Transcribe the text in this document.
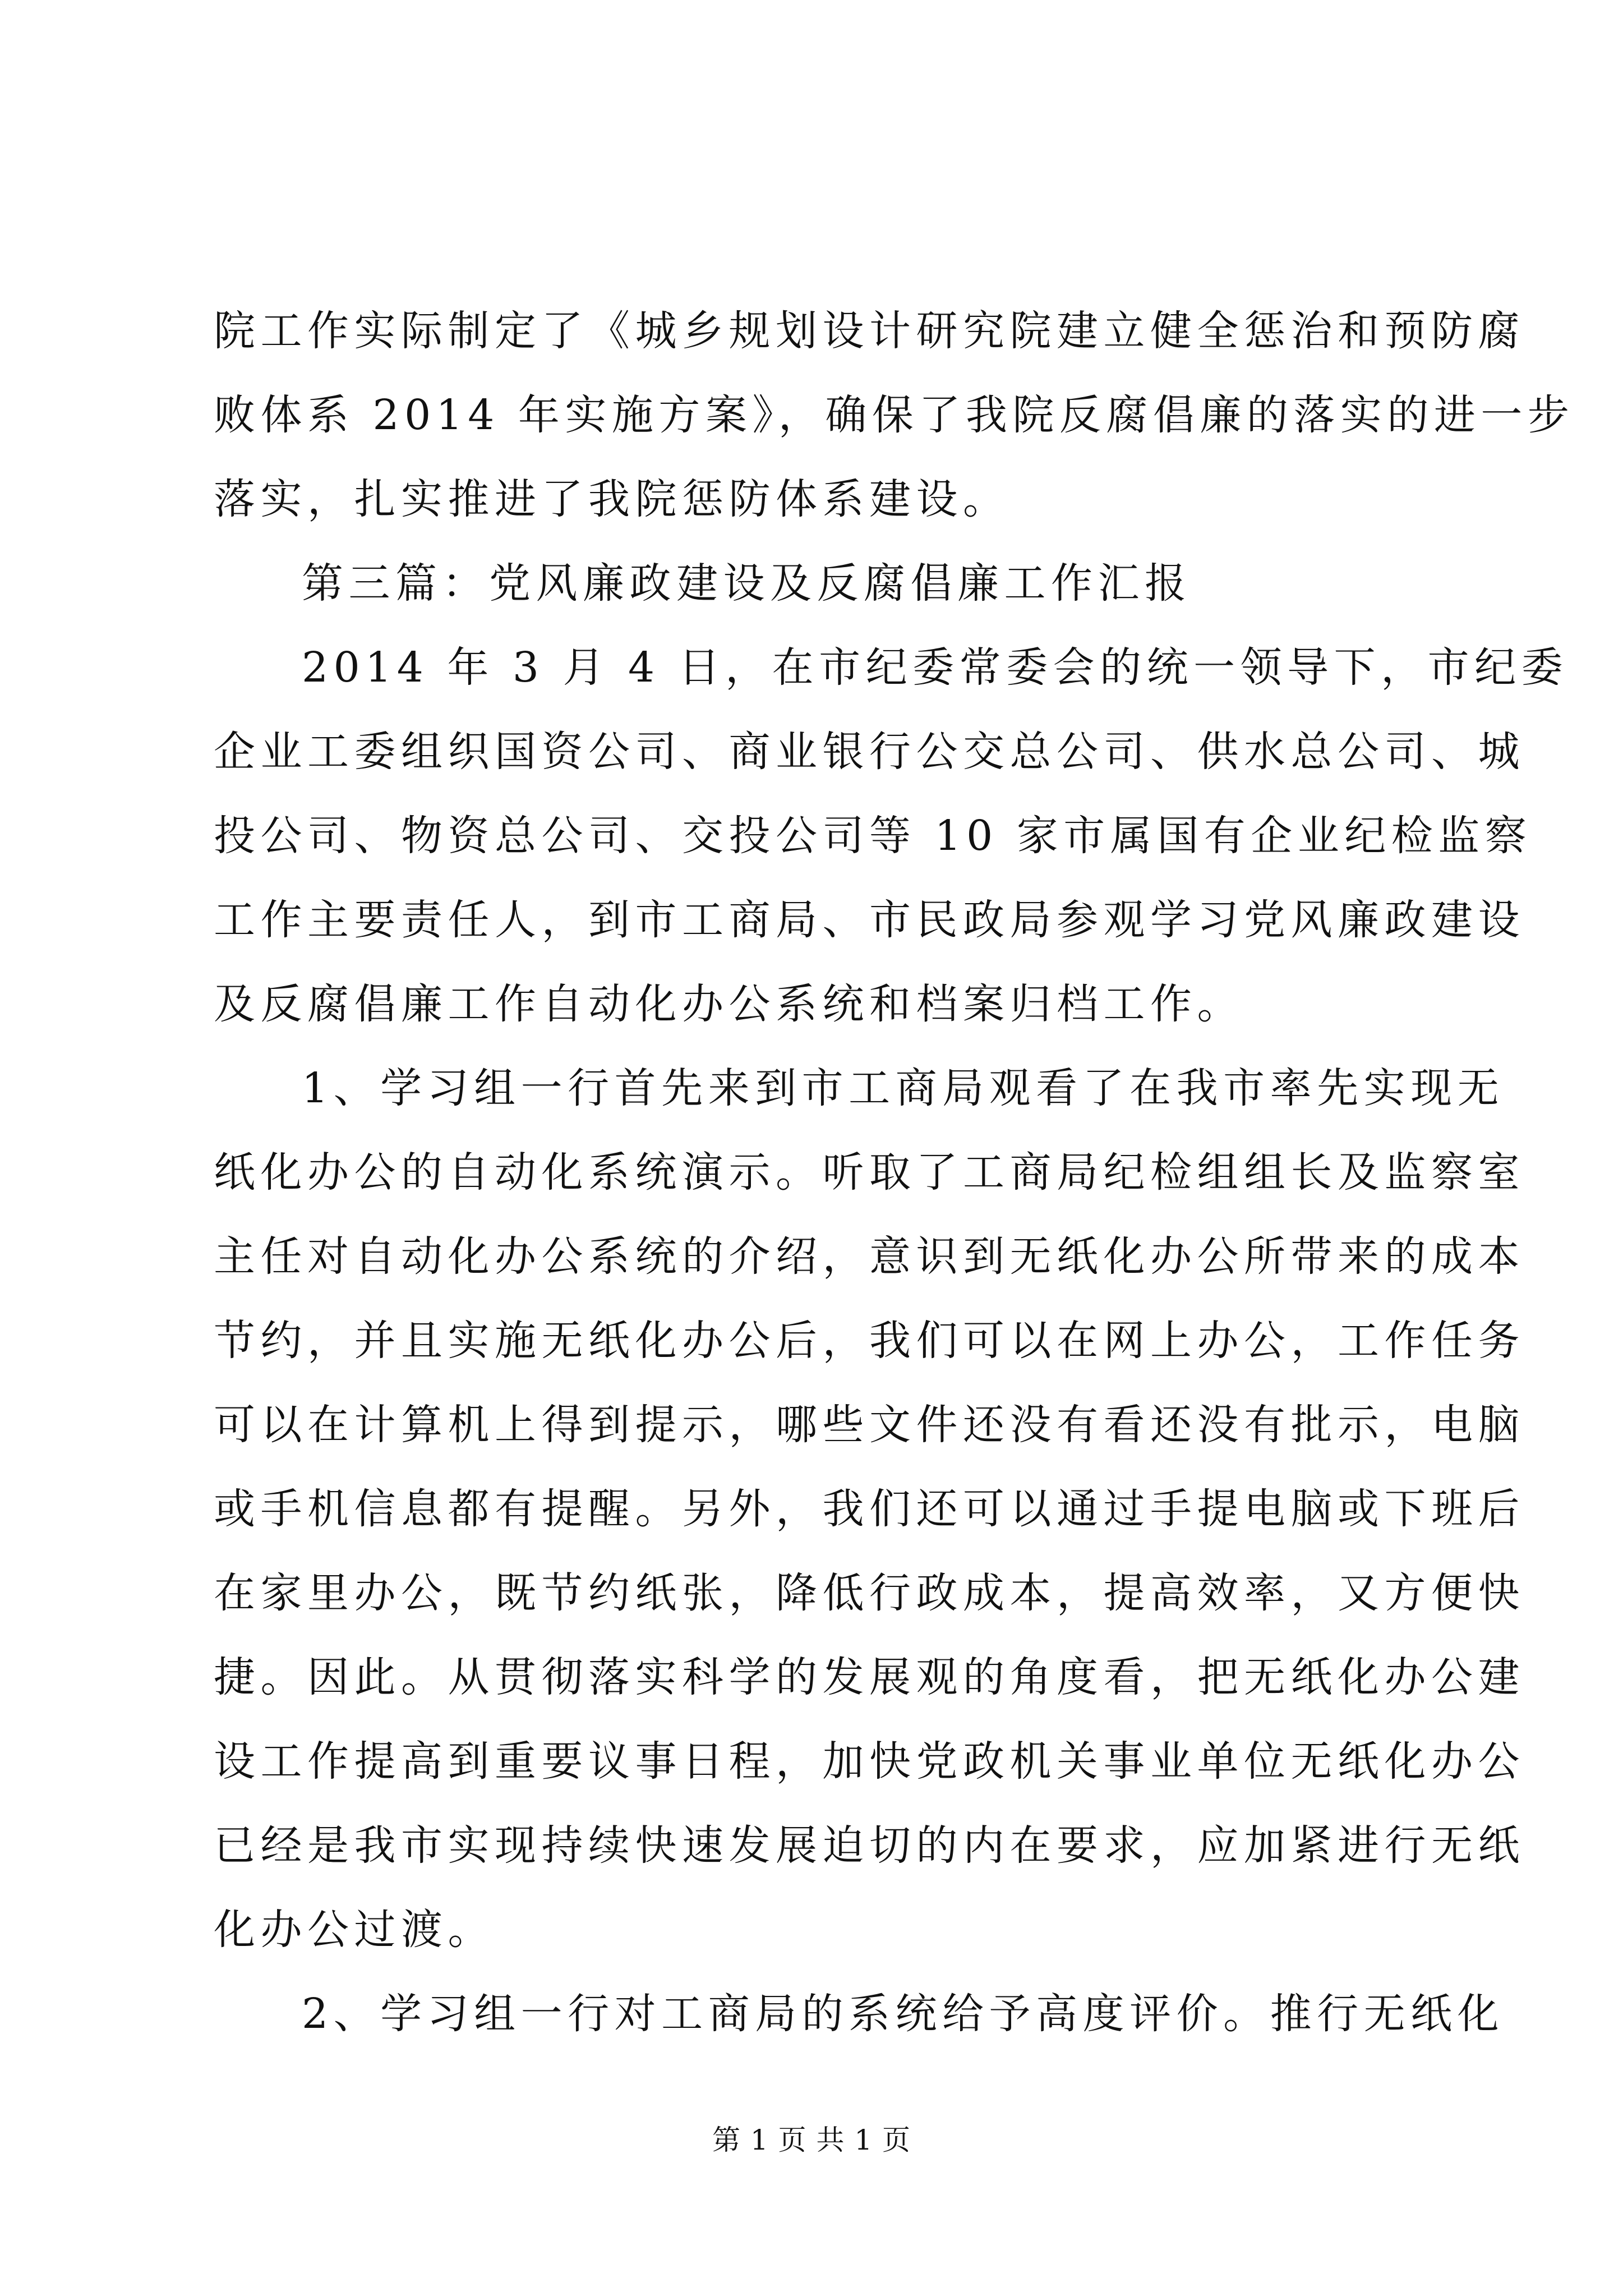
院工作实际制定了《城乡规划设计研究院建立健全惩治和预防腐
败体系 2014 年实施方案》，确保了我院反腐倡廉的落实的进一步
落实，扎实推进了我院惩防体系建设。
第三篇：党风廉政建设及反腐倡廉工作汇报
2014 年 3 月 4 日，在市纪委常委会的统一领导下，市纪委
企业工委组织国资公司、商业银行公交总公司、供水总公司、城
投公司、物资总公司、交投公司等 10 家市属国有企业纪检监察
工作主要责任人，到市工商局、市民政局参观学习党风廉政建设
及反腐倡廉工作自动化办公系统和档案归档工作。
1、学习组一行首先来到市工商局观看了在我市率先实现无
纸化办公的自动化系统演示。听取了工商局纪检组组长及监察室
主任对自动化办公系统的介绍，意识到无纸化办公所带来的成本
节约，并且实施无纸化办公后，我们可以在网上办公，工作任务
可以在计算机上得到提示，哪些文件还没有看还没有批示，电脑
或手机信息都有提醒。另外，我们还可以通过手提电脑或下班后
在家里办公，既节约纸张，降低行政成本，提高效率，又方便快
捷。因此。从贯彻落实科学的发展观的角度看，把无纸化办公建
设工作提高到重要议事日程，加快党政机关事业单位无纸化办公
已经是我市实现持续快速发展迫切的内在要求，应加紧进行无纸
化办公过渡。
2、学习组一行对工商局的系统给予高度评价。推行无纸化
第 1 页 共 1 页
